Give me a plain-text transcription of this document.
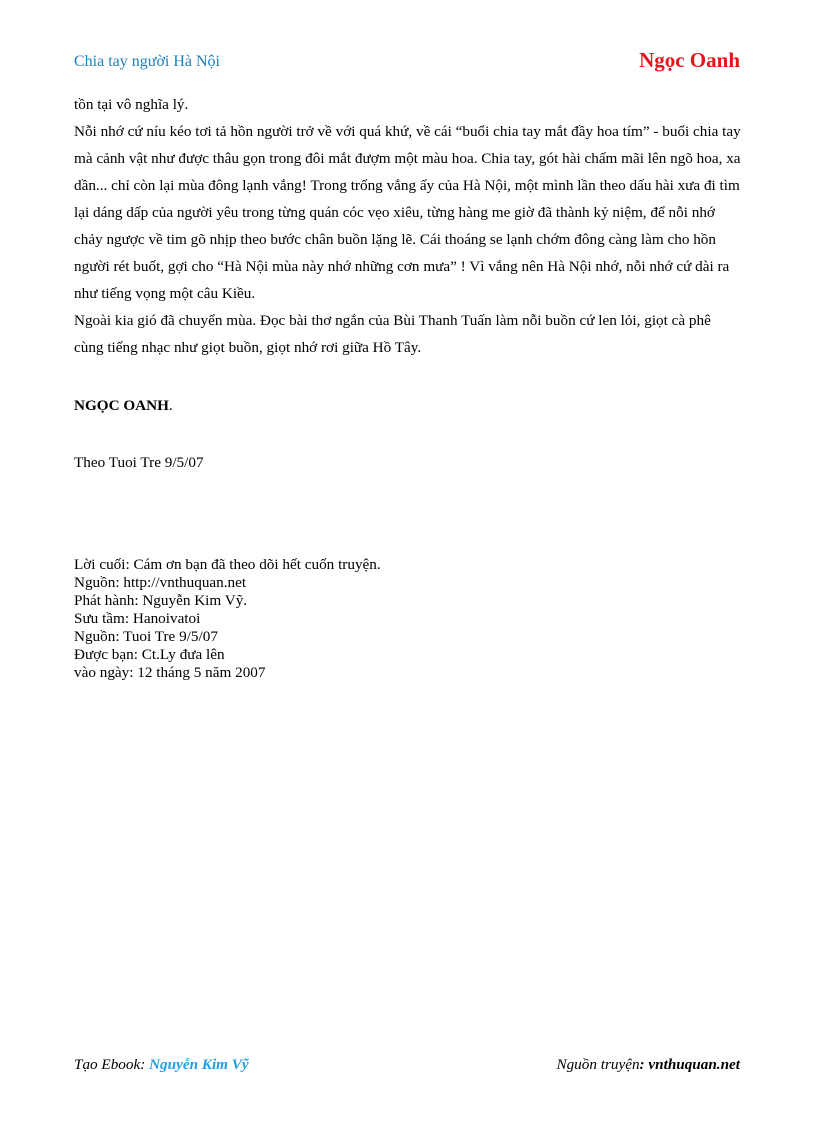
Chia tay người Hà Nội	Ngọc Oanh

tồn tại vô nghĩa lý.

Nỗi nhớ cứ níu kéo tơi tả hồn người trở về với quá khứ, về cái “buổi chia tay mắt đầy hoa tím” - buổi chia tay mà cảnh vật như được thâu gọn trong đôi mắt đượm một màu hoa. Chia tay, gót hài chấm mãi lên ngõ hoa, xa dần... chỉ còn lại mùa đông lạnh vắng! Trong trống vắng ấy của Hà Nội, một mình lần theo dấu hài xưa đi tìm lại dáng dấp của người yêu trong từng quán cóc vẹo xiêu, từng hàng me giờ đã thành kỷ niệm, để nỗi nhớ chảy ngược về tim gõ nhịp theo bước chân buồn lặng lẽ. Cái thoáng se lạnh chớm đông càng làm cho hồn người rét buốt, gợi cho “Hà Nội mùa này nhớ những cơn mưa” ! Vì vắng nên Hà Nội nhớ, nỗi nhớ cứ dài ra như tiếng vọng một câu Kiều.

Ngoài kia gió đã chuyển mùa. Đọc bài thơ ngắn của Bùi Thanh Tuấn làm nỗi buồn cứ len lỏi, giọt cà phê cùng tiếng nhạc như giọt buồn, giọt nhớ rơi giữa Hồ Tây.

NGỌC OANH.
Theo Tuoi Tre 9/5/07
Lời cuối: Cám ơn bạn đã theo dõi hết cuốn truyện.
Nguồn: http://vnthuquan.net
Phát hành: Nguyễn Kim Vỹ.
Sưu tầm: Hanoivatoi
Nguồn: Tuoi Tre 9/5/07
Được bạn: Ct.Ly đưa lên
vào ngày: 12 tháng 5 năm 2007
Tạo Ebook: Nguyễn Kim Vỹ	Nguồn truyện: vnthuquan.net
